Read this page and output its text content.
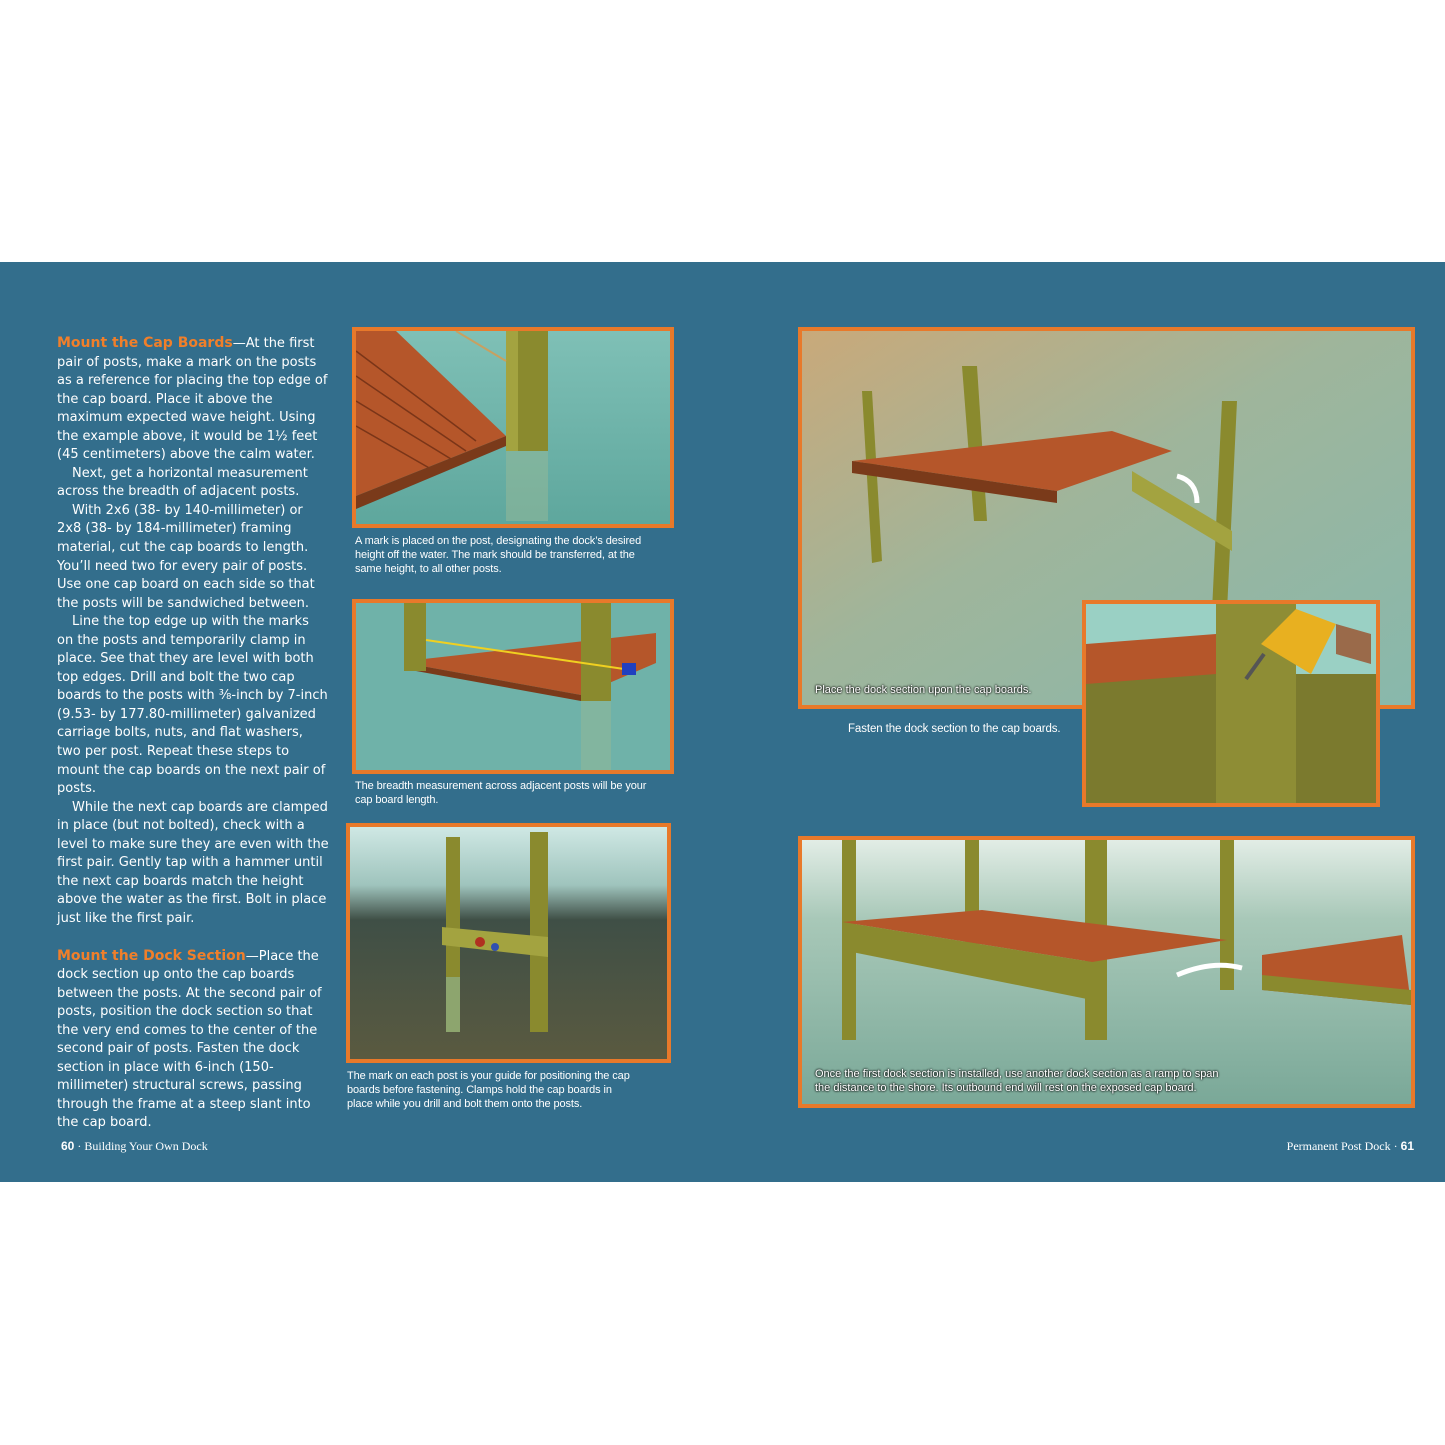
Mount the Cap Boards—At the first pair of posts, make a mark on the posts as a reference for placing the top edge of the cap board. Place it above the maximum expected wave height. Using the example above, it would be 1½ feet (45 centimeters) above the calm water.

Next, get a horizontal measurement across the breadth of adjacent posts.

With 2x6 (38- by 140-millimeter) or 2x8 (38- by 184-millimeter) framing material, cut the cap boards to length. You’ll need two for every pair of posts. Use one cap board on each side so that the posts will be sandwiched between.

Line the top edge up with the marks on the posts and temporarily clamp in place. See that they are level with both top edges. Drill and bolt the two cap boards to the posts with ⅜-inch by 7-inch (9.53- by 177.80-millimeter) galvanized carriage bolts, nuts, and flat washers, two per post. Repeat these steps to mount the cap boards on the next pair of posts.

While the next cap boards are clamped in place (but not bolted), check with a level to make sure they are even with the first pair. Gently tap with a hammer until the next cap boards match the height above the water as the first. Bolt in place just like the first pair.

Mount the Dock Section—Place the dock section up onto the cap boards between the posts. At the second pair of posts, position the dock section so that the very end comes to the center of the second pair of posts. Fasten the dock section in place with 6-inch (150-millimeter) structural screws, passing through the frame at a steep slant into the cap board.

A mark is placed on the post, designating the dock’s desired height off the water. The mark should be transferred, at the same height, to all other posts.
The breadth measurement across adjacent posts will be your cap board length.
The mark on each post is your guide for positioning the cap boards before fastening. Clamps hold the cap boards in place while you drill and bolt them onto the posts.
Place the dock section upon the cap boards.
Fasten the dock section to the cap boards.
Once the first dock section is installed, use another dock section as a ramp to span the distance to the shore. Its outbound end will rest on the exposed cap board.
60 · Building Your Own Dock	Permanent Post Dock · 61
